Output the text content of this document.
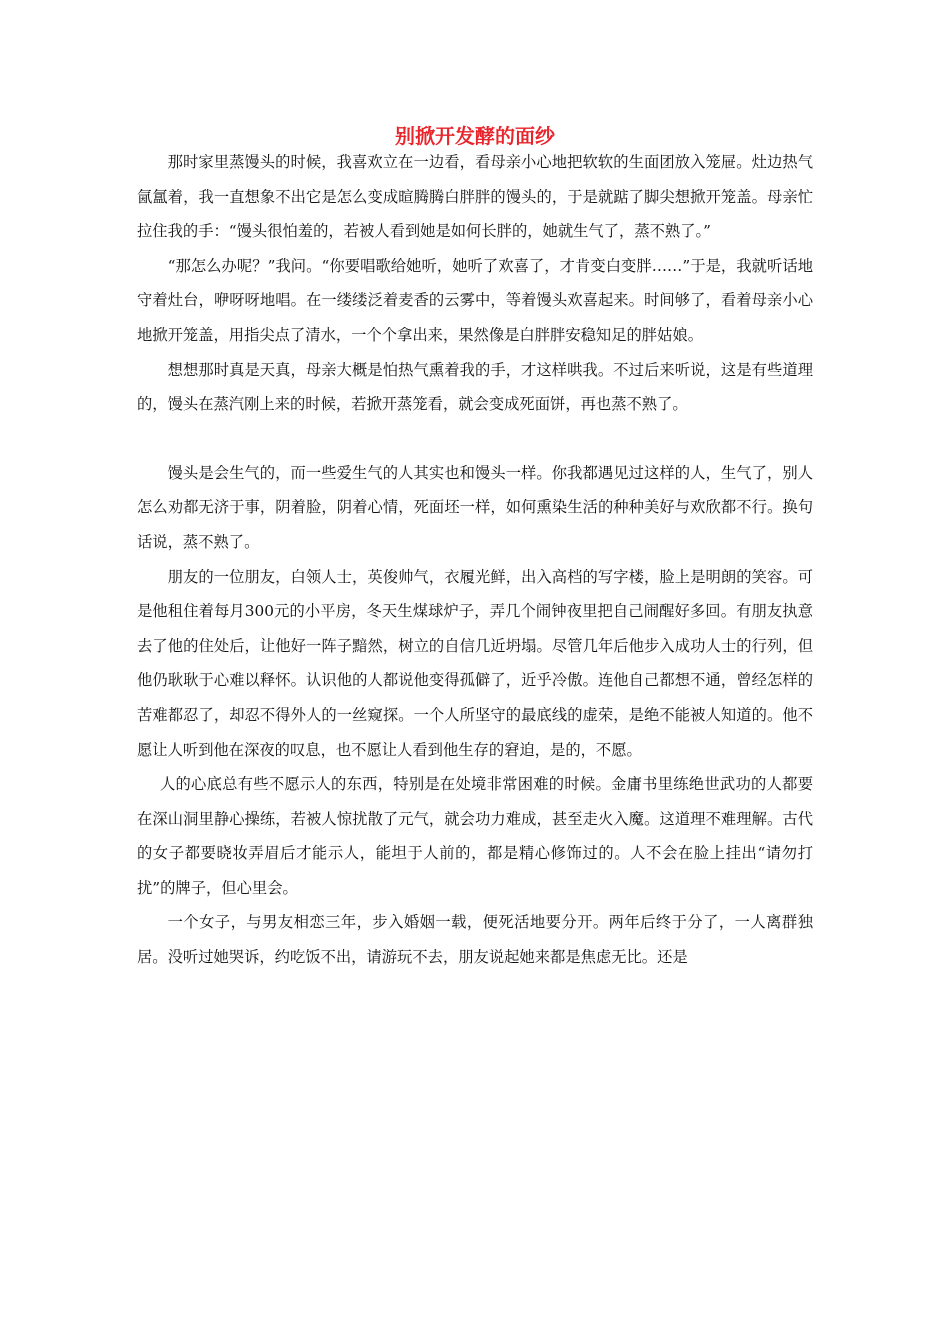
别掀开发酵的面纱

那时家里蒸馒头的时候，我喜欢立在一边看，看母亲小心地把软软的生面团放入笼屉。灶边热气氤氲着，我一直想象不出它是怎么变成暄腾腾白胖胖的馒头的，于是就踮了脚尖想掀开笼盖。母亲忙拉住我的手：“馒头很怕羞的，若被人看到她是如何长胖的，她就生气了，蒸不熟了。”

“那怎么办呢？”我问。“你要唱歌给她听，她听了欢喜了，才肯变白变胖……”于是，我就听话地守着灶台，咿呀呀地唱。在一缕缕泛着麦香的云雾中，等着馒头欢喜起来。时间够了，看着母亲小心地掀开笼盖，用指尖点了清水，一个个拿出来，果然像是白胖胖安稳知足的胖姑娘。

想想那时真是天真，母亲大概是怕热气熏着我的手，才这样哄我。不过后来听说，这是有些道理的，馒头在蒸汽刚上来的时候，若掀开蒸笼看，就会变成死面饼，再也蒸不熟了。

馒头是会生气的，而一些爱生气的人其实也和馒头一样。你我都遇见过这样的人，生气了，别人怎么劝都无济于事，阴着脸，阴着心情，死面坯一样，如何熏染生活的种种美好与欢欣都不行。换句话说，蒸不熟了。

朋友的一位朋友，白领人士，英俊帅气，衣履光鲜，出入高档的写字楼，脸上是明朗的笑容。可是他租住着每月300元的小平房，冬天生煤球炉子，弄几个闹钟夜里把自己闹醒好多回。有朋友执意去了他的住处后，让他好一阵子黯然，树立的自信几近坍塌。尽管几年后他步入成功人士的行列，但他仍耿耿于心难以释怀。认识他的人都说他变得孤僻了，近乎冷傲。连他自己都想不通，曾经怎样的苦难都忍了，却忍不得外人的一丝窥探。一个人所坚守的最底线的虚荣，是绝不能被人知道的。他不愿让人听到他在深夜的叹息，也不愿让人看到他生存的窘迫，是的，不愿。

人的心底总有些不愿示人的东西，特别是在处境非常困难的时候。金庸书里练绝世武功的人都要在深山洞里静心操练，若被人惊扰散了元气，就会功力难成，甚至走火入魔。这道理不难理解。古代的女子都要晓妆弄眉后才能示人，能坦于人前的，都是精心修饰过的。人不会在脸上挂出“请勿打扰”的牌子，但心里会。

一个女子，与男友相恋三年，步入婚姻一载，便死活地要分开。两年后终于分了，一人离群独居。没听过她哭诉，约吃饭不出，请游玩不去，朋友说起她来都是焦虑无比。还是
